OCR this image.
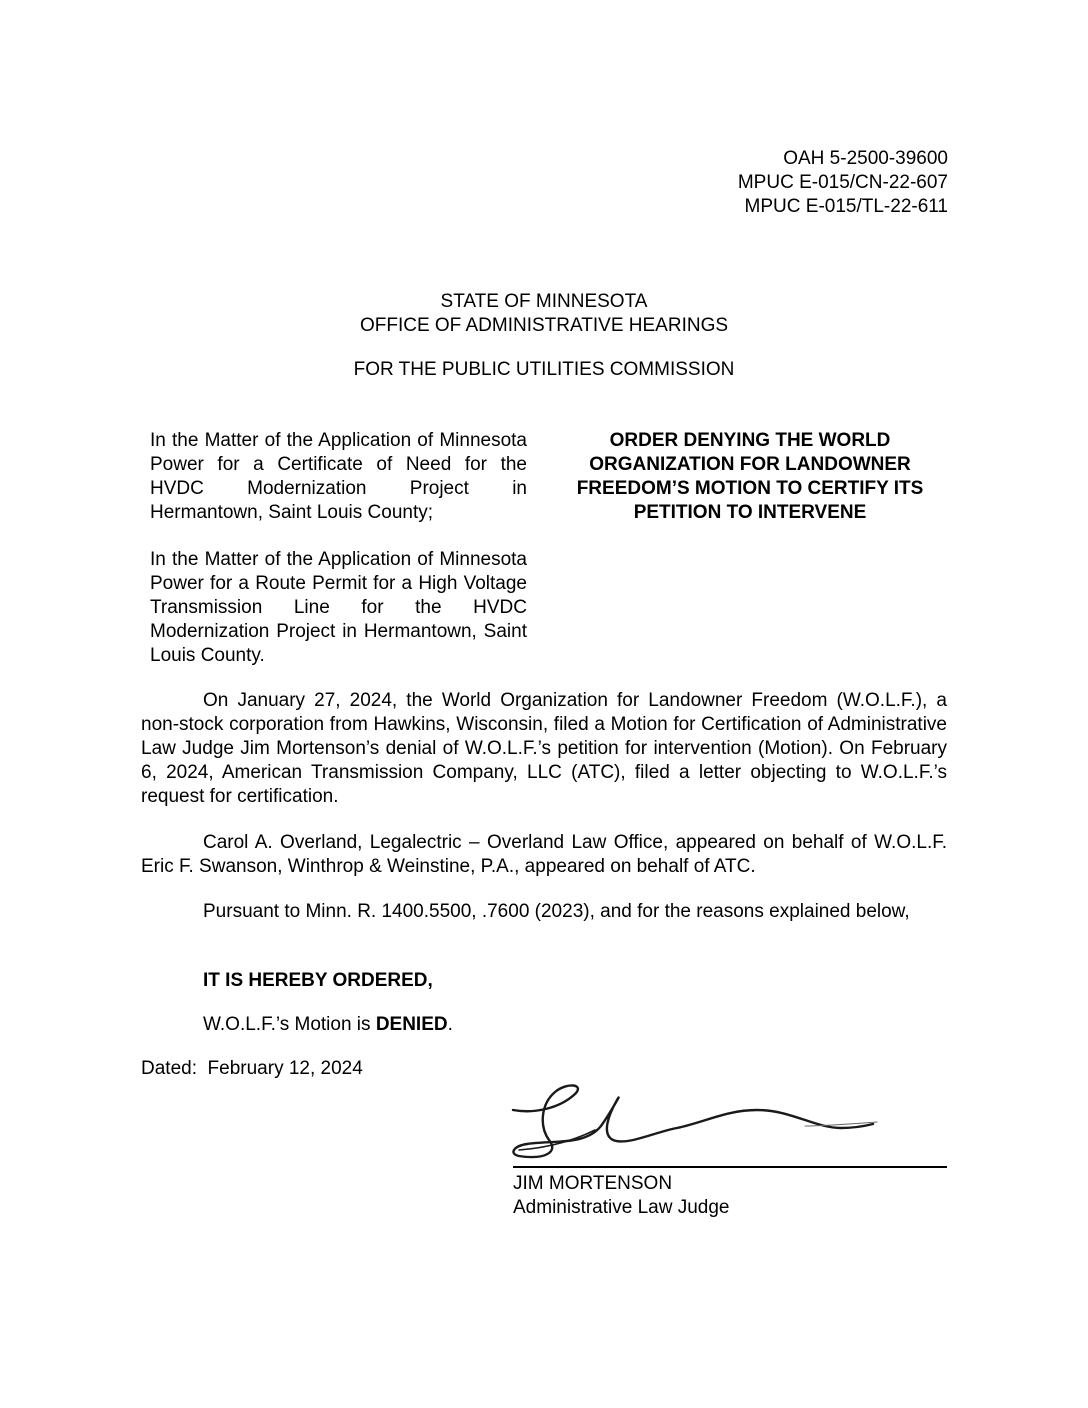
OAH 5-2500-39600
MPUC E-015/CN-22-607
MPUC E-015/TL-22-611
STATE OF MINNESOTA
OFFICE OF ADMINISTRATIVE HEARINGS
FOR THE PUBLIC UTILITIES COMMISSION
In the Matter of the Application of Minnesota Power for a Certificate of Need for the HVDC Modernization Project in Hermantown, Saint Louis County;
In the Matter of the Application of Minnesota Power for a Route Permit for a High Voltage Transmission Line for the HVDC Modernization Project in Hermantown, Saint Louis County.
ORDER DENYING THE WORLD ORGANIZATION FOR LANDOWNER FREEDOM’S MOTION TO CERTIFY ITS PETITION TO INTERVENE
On January 27, 2024, the World Organization for Landowner Freedom (W.O.L.F.), a non-stock corporation from Hawkins, Wisconsin, filed a Motion for Certification of Administrative Law Judge Jim Mortenson’s denial of W.O.L.F.’s petition for intervention (Motion). On February 6, 2024, American Transmission Company, LLC (ATC), filed a letter objecting to W.O.L.F.’s request for certification.
Carol A. Overland, Legalectric – Overland Law Office, appeared on behalf of W.O.L.F. Eric F. Swanson, Winthrop & Weinstine, P.A., appeared on behalf of ATC.
Pursuant to Minn. R. 1400.5500, .7600 (2023), and for the reasons explained below,
IT IS HEREBY ORDERED,
W.O.L.F.’s Motion is DENIED.
Dated: February 12, 2024
JIM MORTENSON
Administrative Law Judge
